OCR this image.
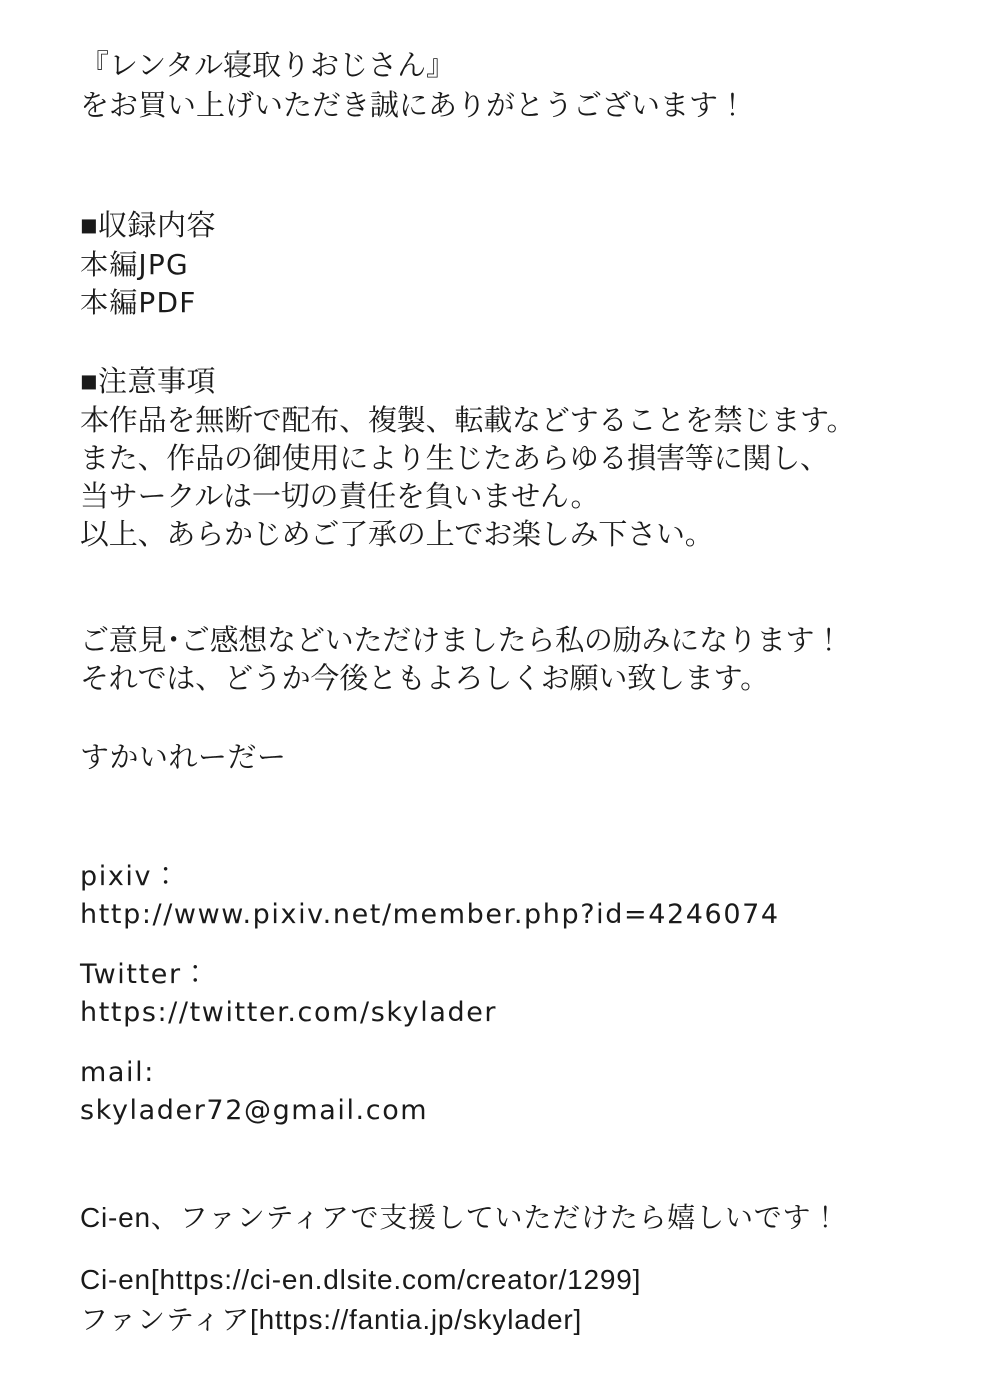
『レンタル寝取りおじさん』
をお買い上げいただき誠にありがとうございます！
■収録内容
本編JPG
本編PDF
■注意事項
本作品を無断で配布、複製、転載などすることを禁じます。
また、作品の御使用により生じたあらゆる損害等に関し、
当サークルは一切の責任を負いません。
以上、あらかじめご了承の上でお楽しみ下さい。
ご意見･ご感想などいただけましたら私の励みになります！
それでは、どうか今後ともよろしくお願い致します。
すかいれーだー
pixiv：
http://www.pixiv.net/member.php?id=4246074
Twitter：
https://twitter.com/skylader
mail:
skylader72@gmail.com
Ci-en、ファンティアで支援していただけたら嬉しいです！
Ci-en[https://ci-en.dlsite.com/creator/1299]
ファンティア[https://fantia.jp/skylader]
